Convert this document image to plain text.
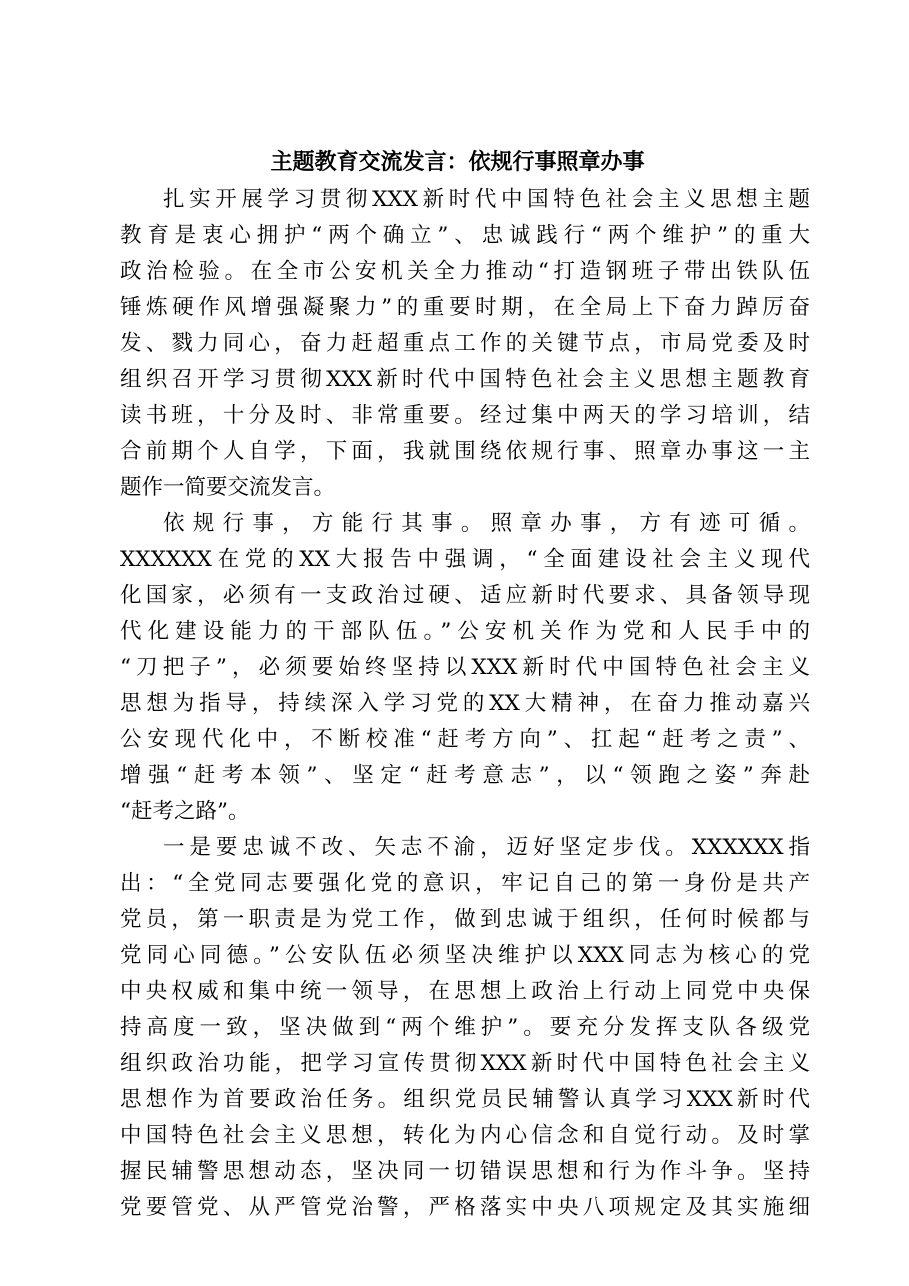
主题教育交流发言：依规行事照章办事

扎实开展学习贯彻XXX新时代中国特色社会主义思想主题
教育是衷心拥护“两个确立”、忠诚践行“两个维护”的重大
政治检验。在全市公安机关全力推动“打造钢班子带出铁队伍
锤炼硬作风增强凝聚力”的重要时期，在全局上下奋力踔厉奋
发、戮力同心，奋力赶超重点工作的关键节点，市局党委及时
组织召开学习贯彻XXX新时代中国特色社会主义思想主题教育
读书班，十分及时、非常重要。经过集中两天的学习培训，结
合前期个人自学，下面，我就围绕依规行事、照章办事这一主
题作一简要交流发言。

依规行事，方能行其事。照章办事，方有迹可循。
XXXXXX在党的XX大报告中强调，“全面建设社会主义现代
化国家，必须有一支政治过硬、适应新时代要求、具备领导现
代化建设能力的干部队伍。”公安机关作为党和人民手中的
“刀把子”，必须要始终坚持以XXX新时代中国特色社会主义
思想为指导，持续深入学习党的XX大精神，在奋力推动嘉兴
公安现代化中，不断校准“赶考方向”、扛起“赶考之责”、
增强“赶考本领”、坚定“赶考意志”，以“领跑之姿”奔赴
“赶考之路”。

一是要忠诚不改、矢志不渝，迈好坚定步伐。XXXXXX指
出：“全党同志要强化党的意识，牢记自己的第一身份是共产
党员，第一职责是为党工作，做到忠诚于组织，任何时候都与
党同心同德。”公安队伍必须坚决维护以XXX同志为核心的党
中央权威和集中统一领导，在思想上政治上行动上同党中央保
持高度一致，坚决做到“两个维护”。要充分发挥支队各级党
组织政治功能，把学习宣传贯彻XXX新时代中国特色社会主义
思想作为首要政治任务。组织党员民辅警认真学习XXX新时代
中国特色社会主义思想，转化为内心信念和自觉行动。及时掌
握民辅警思想动态，坚决同一切错误思想和行为作斗争。坚持
党要管党、从严管党治警，严格落实中央八项规定及其实施细
